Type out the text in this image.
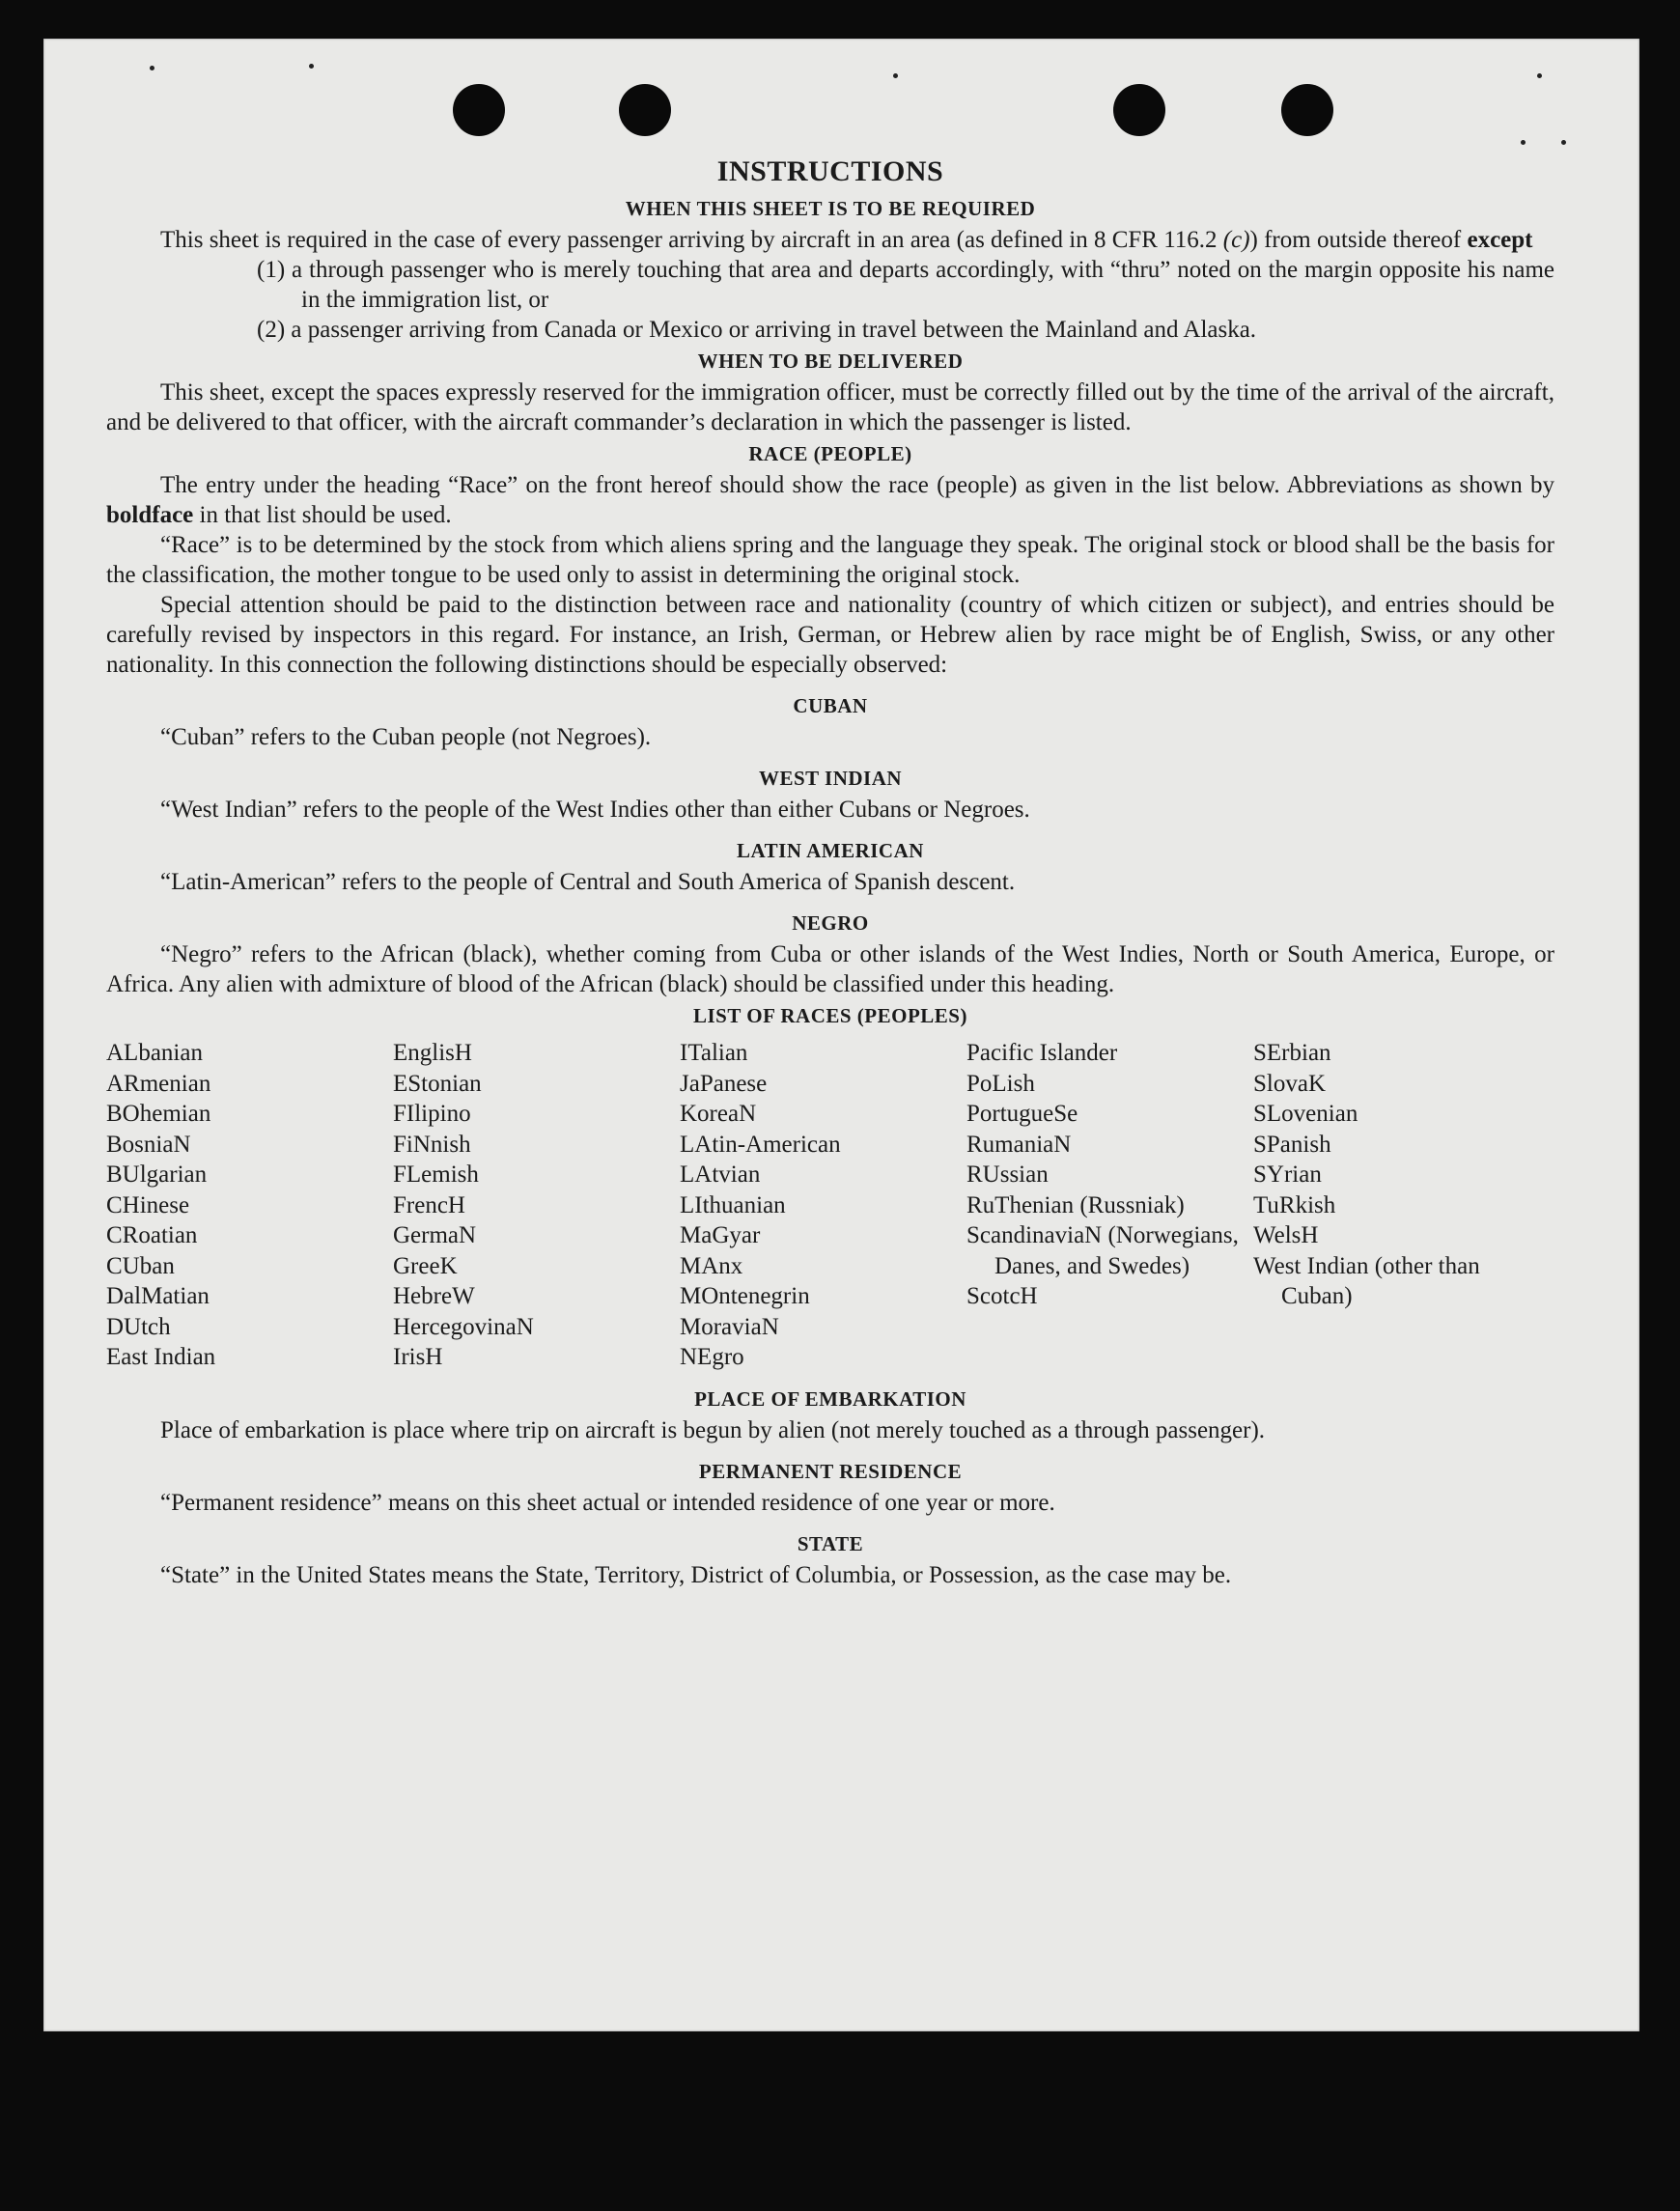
INSTRUCTIONS
WHEN THIS SHEET IS TO BE REQUIRED

This sheet is required in the case of every passenger arriving by aircraft in an area (as defined in 8 CFR 116.2 (c)) from outside thereof except

(1) a through passenger who is merely touching that area and departs accordingly, with “thru” noted on the margin opposite his name in the immigration list, or

(2) a passenger arriving from Canada or Mexico or arriving in travel between the Mainland and Alaska.

WHEN TO BE DELIVERED

This sheet, except the spaces expressly reserved for the immigration officer, must be correctly filled out by the time of the arrival of the aircraft, and be delivered to that officer, with the aircraft commander’s declaration in which the passenger is listed.

RACE (PEOPLE)

The entry under the heading “Race” on the front hereof should show the race (people) as given in the list below. Abbreviations as shown by boldface in that list should be used.

“Race” is to be determined by the stock from which aliens spring and the language they speak. The original stock or blood shall be the basis for the classification, the mother tongue to be used only to assist in determining the original stock.

Special attention should be paid to the distinction between race and nationality (country of which citizen or subject), and entries should be carefully revised by inspectors in this regard. For instance, an Irish, German, or Hebrew alien by race might be of English, Swiss, or any other nationality. In this connection the following distinctions should be especially observed:

CUBAN

“Cuban” refers to the Cuban people (not Negroes).

WEST INDIAN

“West Indian” refers to the people of the West Indies other than either Cubans or Negroes.

LATIN AMERICAN

“Latin-American” refers to the people of Central and South America of Spanish descent.

NEGRO

“Negro” refers to the African (black), whether coming from Cuba or other islands of the West Indies, North or South America, Europe, or Africa. Any alien with admixture of blood of the African (black) should be classified under this heading.

LIST OF RACES (PEOPLES)
ALbanian
ARmenian
BOhemian
BosniaN
BUlgarian
CHinese
CRoatian
CUban
DalMatian
DUtch
East Indian
EnglisH
EStonian
FIlipino
FiNnish
FLemish
FrencH
GermaN
GreeK
HebreW
HercegovinaN
IrisH
ITalian
JaPanese
KoreaN
LAtin-American
LAtvian
LIthuanian
MaGyar
MAnx
MOntenegrin
MoraviaN
NEgro
Pacific Islander
PoLish
PortugueSe
RumaniaN
RUssian
RuThenian (Russniak)
ScandinaviaN (Norwegians, Danes, and Swedes)
ScotcH
SErbian
SlovaK
SLovenian
SPanish
SYrian
TuRkish
WelsH
West Indian (other than Cuban)
PLACE OF EMBARKATION

Place of embarkation is place where trip on aircraft is begun by alien (not merely touched as a through passenger).

PERMANENT RESIDENCE

“Permanent residence” means on this sheet actual or intended residence of one year or more.

STATE

“State” in the United States means the State, Territory, District of Columbia, or Possession, as the case may be.
